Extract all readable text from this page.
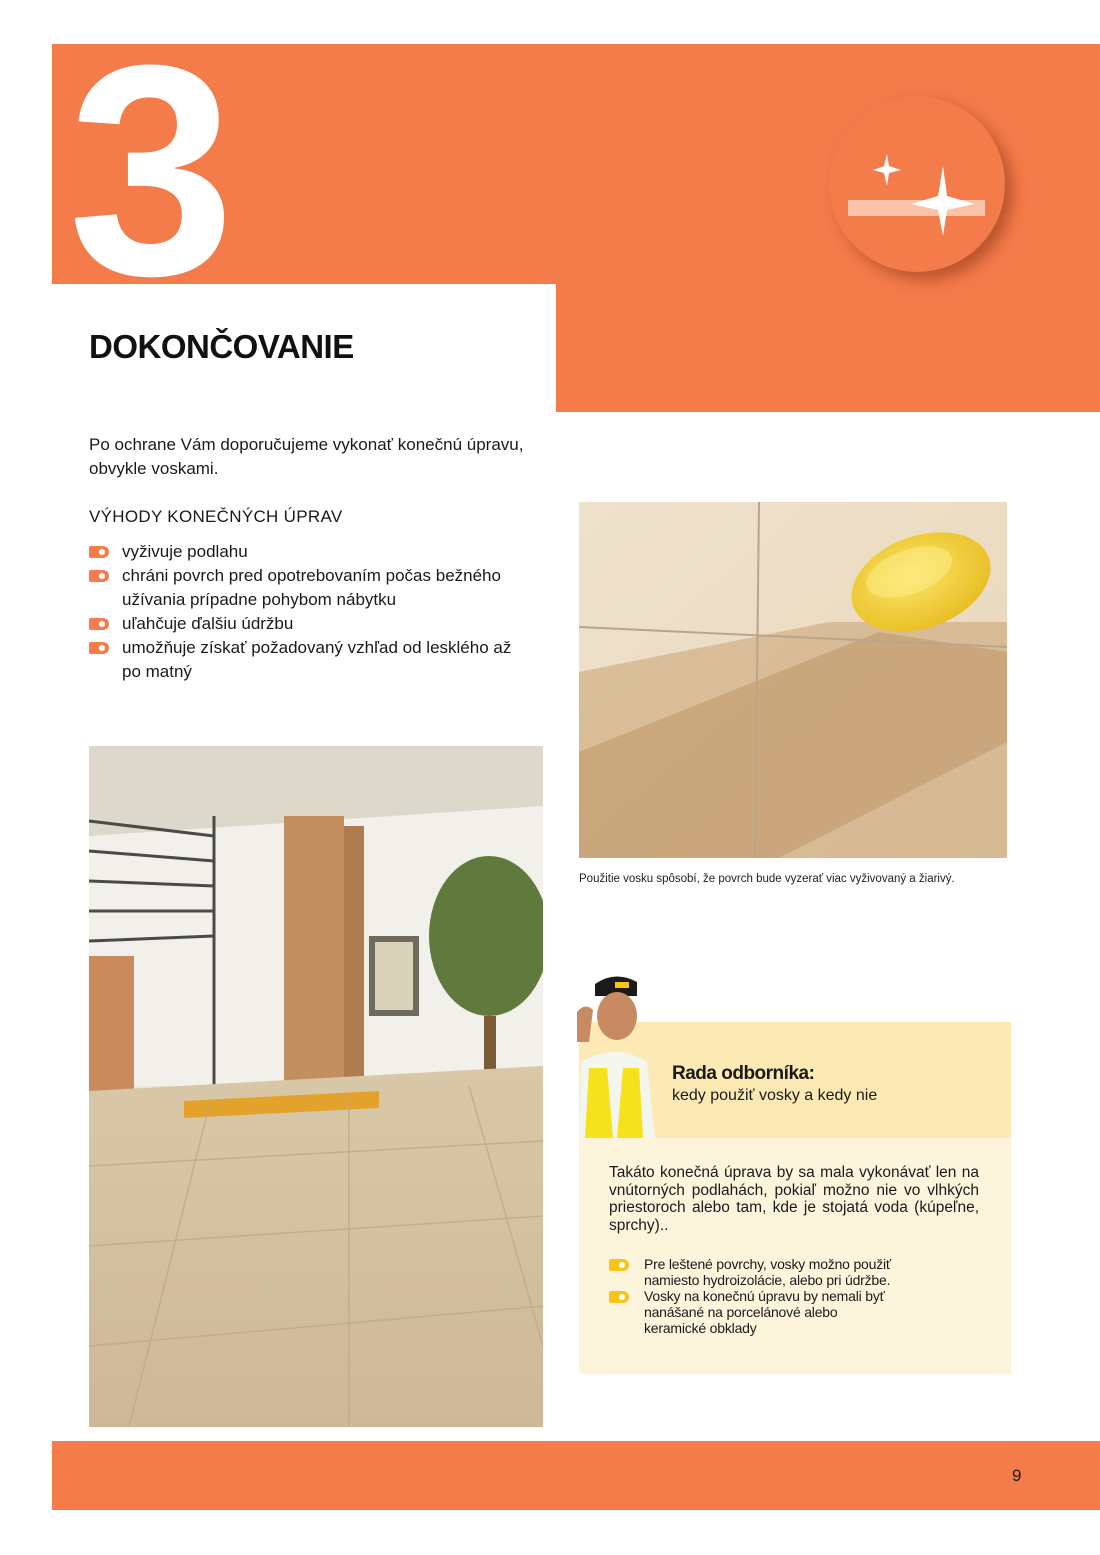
3
DOKONČOVANIE
Po ochrane Vám doporučujeme vykonať konečnú úpravu, obvykle voskami.
VÝHODY KONEČNÝCH ÚPRAV
vyživuje podlahu
chráni povrch pred opotrebovaním počas bežného užívania prípadne pohybom nábytku
uľahčuje ďalšiu údržbu
umožňuje získať požadovaný vzhľad od lesklého až po matný
Použitie vosku spôsobí, že povrch bude vyzerať viac vyživovaný a žiarivý.
Rada odborníka:
kedy použiť vosky a kedy nie
Takáto konečná úprava by sa mala vykonávať len na vnútorných podlahách, pokiaľ možno nie vo vlhkých priestoroch alebo tam, kde je stojatá voda (kúpeľne, sprchy)..
Pre leštené povrchy, vosky možno použiť namiesto hydroizolácie, alebo pri údržbe.
Vosky na konečnú úpravu by nemali byť nanášané na porcelánové alebo keramické obklady
9
